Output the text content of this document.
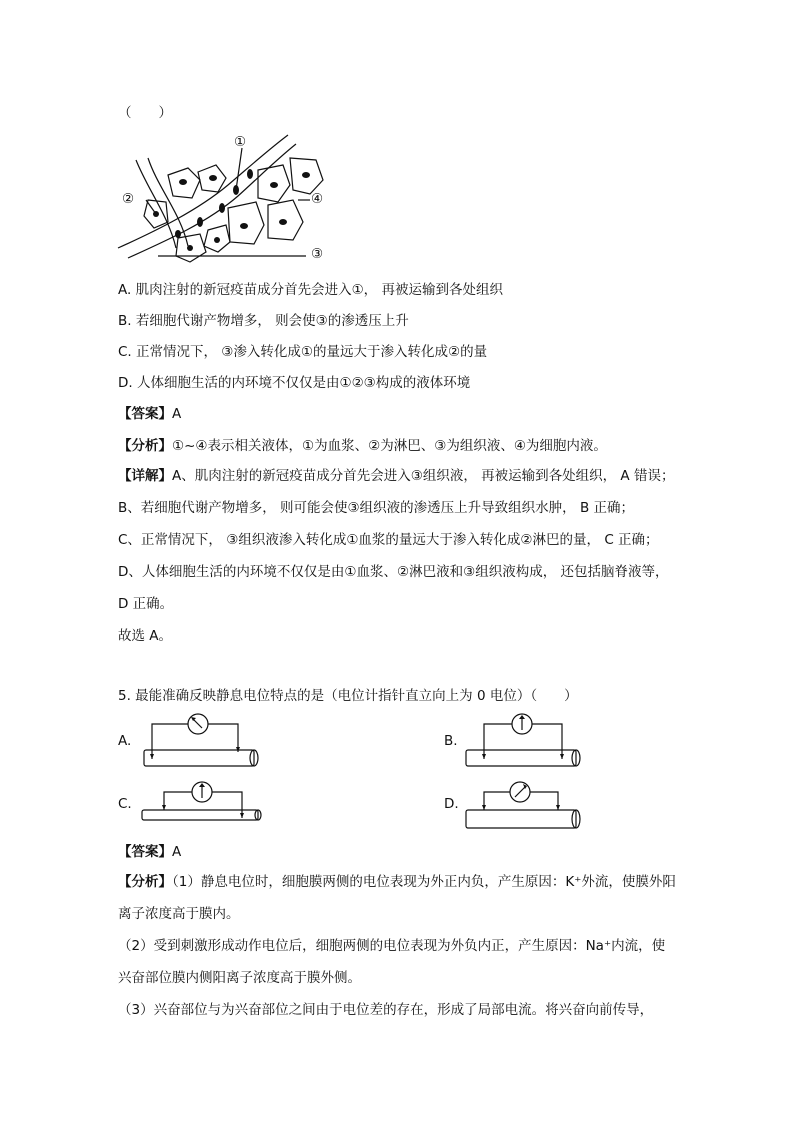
（　　）
①
②
③
④
A. 肌肉注射的新冠疫苗成分首先会进入①， 再被运输到各处组织
B. 若细胞代谢产物增多， 则会使③的渗透压上升
C. 正常情况下， ③渗入转化成①的量远大于渗入转化成②的量
D. 人体细胞生活的内环境不仅仅是由①②③构成的液体环境
【答案】A
【分析】①~④表示相关液体，①为血浆、②为淋巴、③为组织液、④为细胞内液。
【详解】A、肌肉注射的新冠疫苗成分首先会进入③组织液， 再被运输到各处组织， A 错误；
B、若细胞代谢产物增多， 则可能会使③组织液的渗透压上升导致组织水肿， B 正确；
C、正常情况下， ③组织液渗入转化成①血浆的量远大于渗入转化成②淋巴的量， C 正确；
D、人体细胞生活的内环境不仅仅是由①血浆、②淋巴液和③组织液构成， 还包括脑脊液等， D 正确。
故选 A。
5. 最能准确反映静息电位特点的是（电位计指针直立向上为 0 电位）（　　）
A.	B.
C.	D.
【答案】A
【分析】（1）静息电位时，细胞膜两侧的电位表现为外正内负，产生原因：K⁺外流，使膜外阳离子浓度高于膜内。
（2）受到刺激形成动作电位后，细胞两侧的电位表现为外负内正，产生原因：Na⁺内流，使兴奋部位膜内侧阳离子浓度高于膜外侧。
（3）兴奋部位与为兴奋部位之间由于电位差的存在，形成了局部电流。将兴奋向前传导，
